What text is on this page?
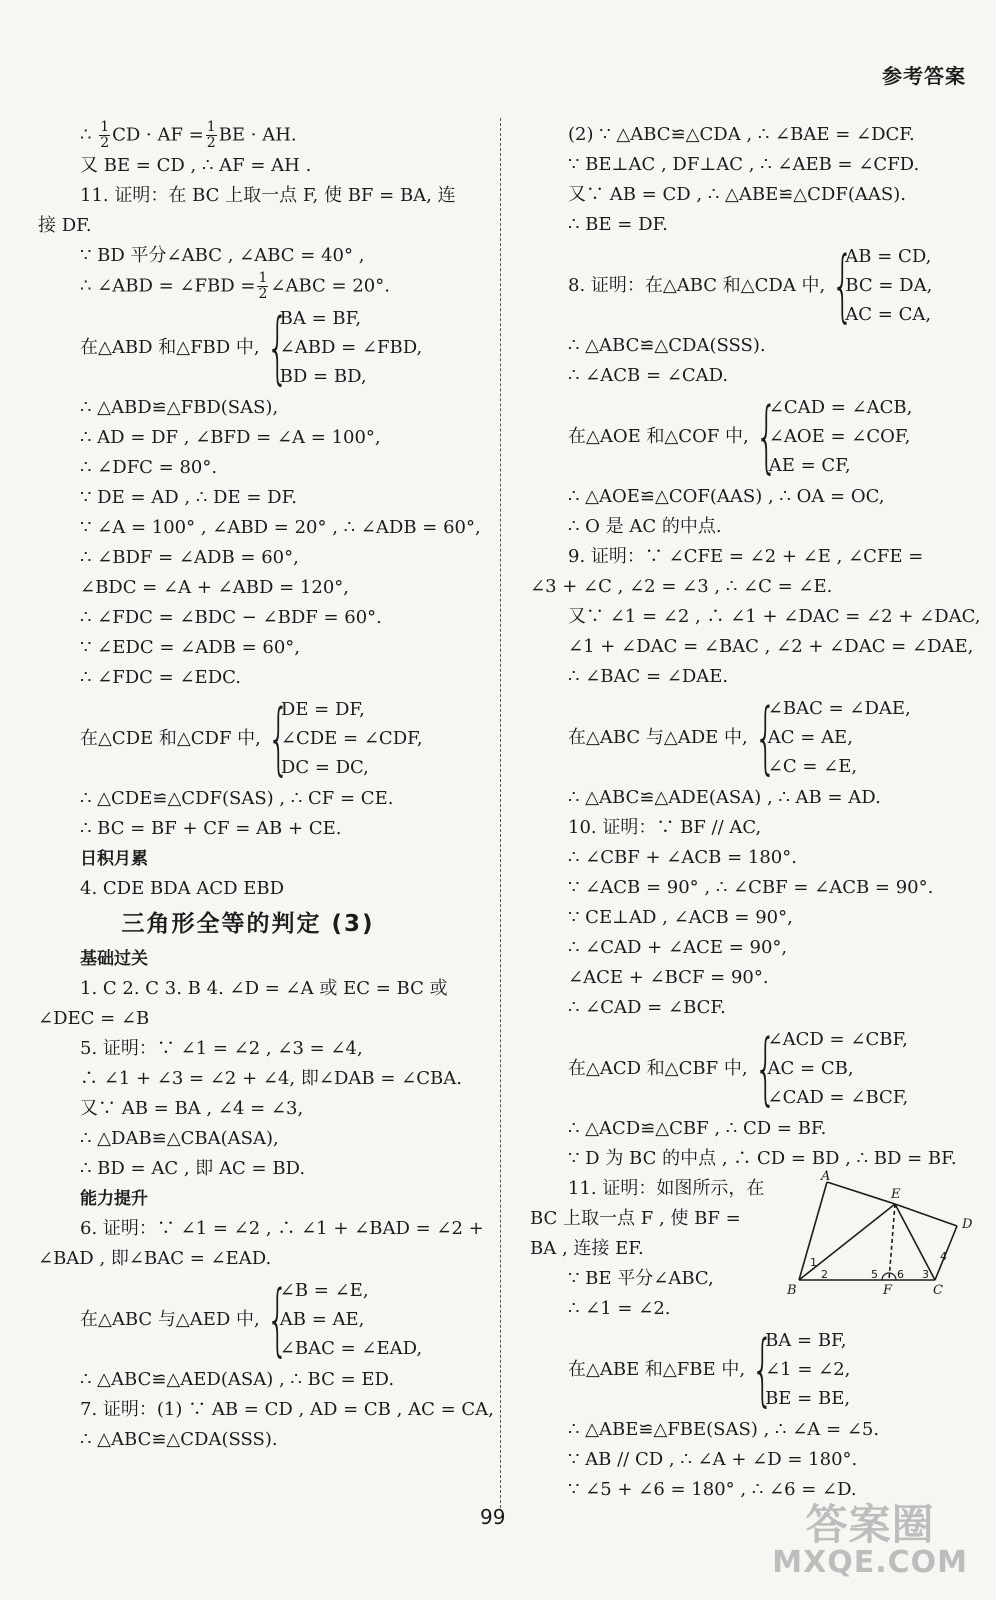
参考答案
∴ $\frac{1}{2}$ CD · AF = $\frac{1}{2}$ BE · AH.
又 BE = CD , ∴ AF = AH .
11. 证明：在 BC 上取一点 F, 使 BF = BA, 连
接 DF.
∵ BD 平分∠ABC , ∠ABC = 40° ,
∴ ∠ABD = ∠FBD = $\frac{1}{2}$ ∠ABC = 20°.
在△ABD 和△FBD 中, {
BA = BF,
∠ABD = ∠FBD,
BD = BD,
∴ △ABD≌△FBD(SAS),
∴ AD = DF , ∠BFD = ∠A = 100°,
∴ ∠DFC = 80°.
∵ DE = AD , ∴ DE = DF.
∵ ∠A = 100° , ∠ABD = 20° , ∴ ∠ADB = 60°,
∴ ∠BDF = ∠ADB = 60°,
∠BDC = ∠A + ∠ABD = 120°,
∴ ∠FDC = ∠BDC − ∠BDF = 60°.
∵ ∠EDC = ∠ADB = 60°,
∴ ∠FDC = ∠EDC.
在△CDE 和△CDF 中, {
DE = DF,
∠CDE = ∠CDF,
DC = DC,
∴ △CDE≌△CDF(SAS) , ∴ CF = CE.
∴ BC = BF + CF = AB + CE.
日积月累
4. CDE BDA ACD EBD
三角形全等的判定 (3)
基础过关
1. C 2. C 3. B 4. ∠D = ∠A 或 EC = BC 或
∠DEC = ∠B
5. 证明：∵ ∠1 = ∠2 , ∠3 = ∠4,
∴ ∠1 + ∠3 = ∠2 + ∠4, 即∠DAB = ∠CBA.
又∵ AB = BA , ∠4 = ∠3,
∴ △DAB≌△CBA(ASA),
∴ BD = AC , 即 AC = BD.
能力提升
6. 证明：∵ ∠1 = ∠2 , ∴ ∠1 + ∠BAD = ∠2 +
∠BAD , 即∠BAC = ∠EAD.
在△ABC 与△AED 中, {
∠B = ∠E,
AB = AE,
∠BAC = ∠EAD,
∴ △ABC≌△AED(ASA) , ∴ BC = ED.
7. 证明：(1) ∵ AB = CD , AD = CB , AC = CA,
∴ △ABC≌△CDA(SSS).
(2) ∵ △ABC≌△CDA , ∴ ∠BAE = ∠DCF.
∵ BE⊥AC , DF⊥AC , ∴ ∠AEB = ∠CFD.
又∵ AB = CD , ∴ △ABE≌△CDF(AAS).
∴ BE = DF.
8. 证明：在△ABC 和△CDA 中, {
AB = CD,
BC = DA,
AC = CA,
∴ △ABC≌△CDA(SSS).
∴ ∠ACB = ∠CAD.
在△AOE 和△COF 中, {
∠CAD = ∠ACB,
∠AOE = ∠COF,
AE = CF,
∴ △AOE≌△COF(AAS) , ∴ OA = OC,
∴ O 是 AC 的中点.
9. 证明：∵ ∠CFE = ∠2 + ∠E , ∠CFE =
∠3 + ∠C , ∠2 = ∠3 , ∴ ∠C = ∠E.
又∵ ∠1 = ∠2 , ∴ ∠1 + ∠DAC = ∠2 + ∠DAC,
∠1 + ∠DAC = ∠BAC , ∠2 + ∠DAC = ∠DAE,
∴ ∠BAC = ∠DAE.
在△ABC 与△ADE 中, {
∠BAC = ∠DAE,
AC = AE,
∠C = ∠E,
∴ △ABC≌△ADE(ASA) , ∴ AB = AD.
10. 证明：∵ BF // AC,
∴ ∠CBF + ∠ACB = 180°.
∵ ∠ACB = 90° , ∴ ∠CBF = ∠ACB = 90°.
∵ CE⊥AD , ∠ACB = 90°,
∴ ∠CAD + ∠ACE = 90°,
∠ACE + ∠BCF = 90°.
∴ ∠CAD = ∠BCF.
在△ACD 和△CBF 中, {
∠ACD = ∠CBF,
AC = CB,
∠CAD = ∠BCF,
∴ △ACD≌△CBF , ∴ CD = BF.
∵ D 为 BC 的中点 , ∴ CD = BD , ∴ BD = BF.
11. 证明：如图所示，在
BC 上取一点 F , 使 BF =
BA , 连接 EF.
∵ BE 平分∠ABC,
∴ ∠1 = ∠2.
A
E
D
B	F	C
1
2	5 6 3
4
在△ABE 和△FBE 中, {
BA = BF,
∠1 = ∠2,
BE = BE,
∴ △ABE≌△FBE(SAS) , ∴ ∠A = ∠5.
∵ AB // CD , ∴ ∠A + ∠D = 180°.
∵ ∠5 + ∠6 = 180° , ∴ ∠6 = ∠D.
99	答案圈
MXQE.COM
